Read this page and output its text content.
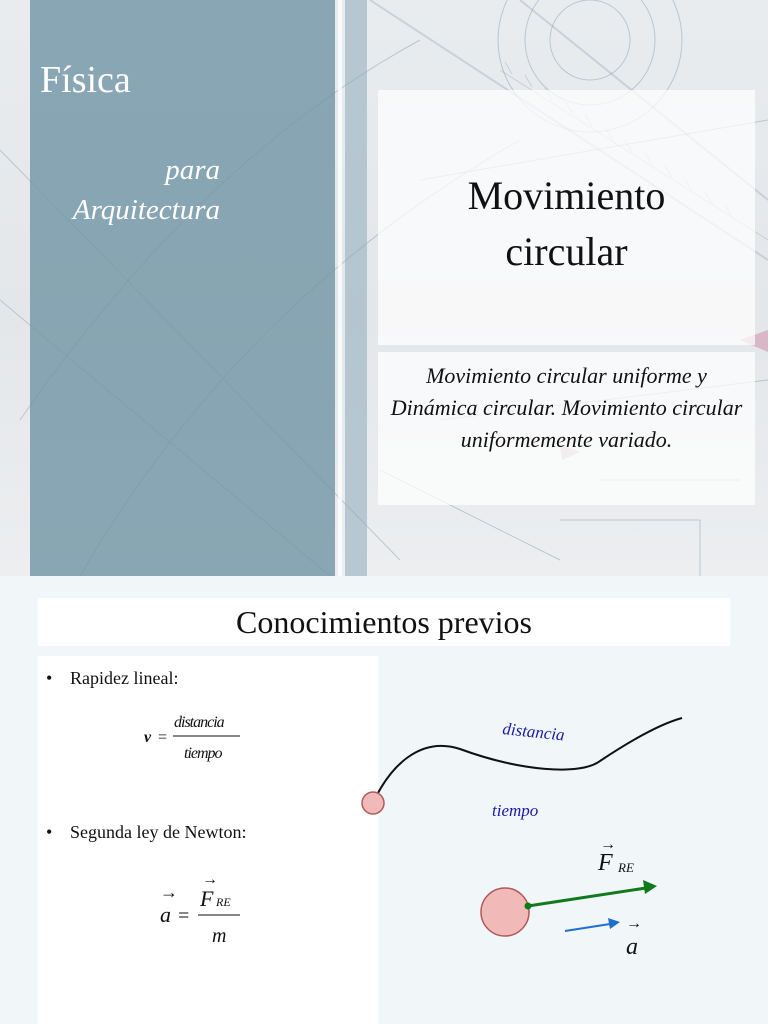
Física
para
Arquitectura	Movimiento
circular
Movimiento circular uniforme y Dinámica circular. Movimiento circular uniformemente variado.
Conocimientos previos
• Rapidez lineal:
• Segunda ley de Newton:
v =
distancia
tiempo
→
a =
→
F RE
m
distancia
tiempo
→
F RE
→
a
